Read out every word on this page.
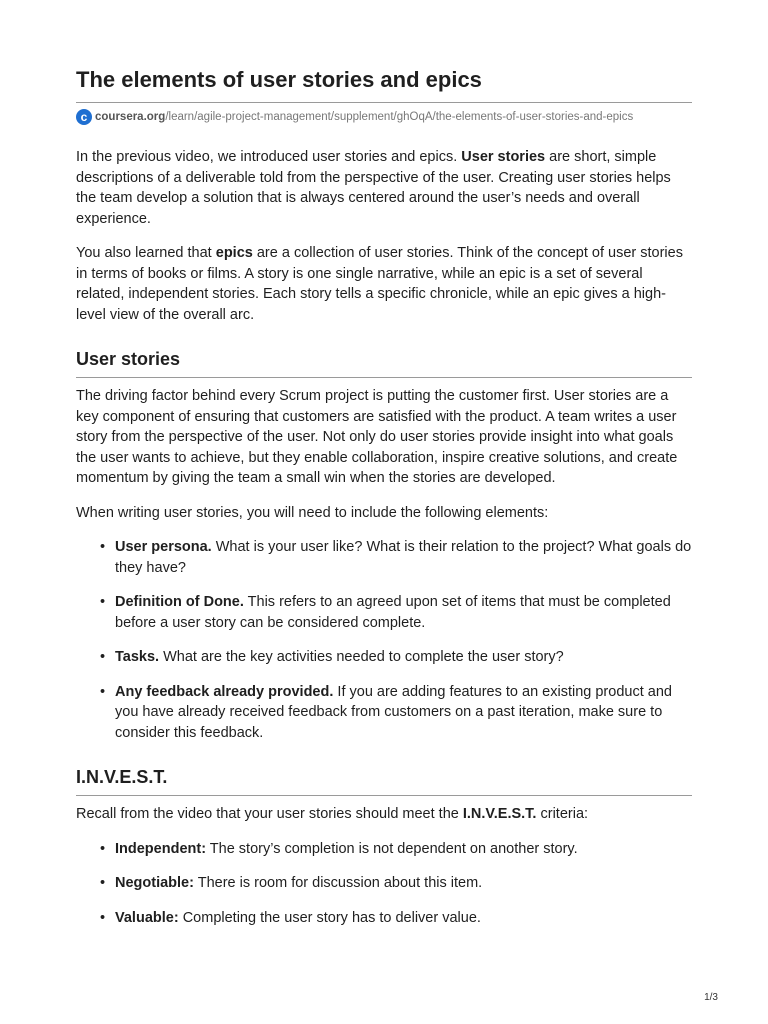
The elements of user stories and epics
c coursera.org /learn/agile-project-management/supplement/ghOqA/the-elements-of-user-stories-and-epics

In the previous video, we introduced user stories and epics. User stories are short, simple descriptions of a deliverable told from the perspective of the user. Creating user stories helps the team develop a solution that is always centered around the user’s needs and overall experience.

You also learned that epics are a collection of user stories. Think of the concept of user stories in terms of books or films. A story is one single narrative, while an epic is a set of several related, independent stories. Each story tells a specific chronicle, while an epic gives a high-level view of the overall arc.

User stories

The driving factor behind every Scrum project is putting the customer first. User stories are a key component of ensuring that customers are satisfied with the product. A team writes a user story from the perspective of the user. Not only do user stories provide insight into what goals the user wants to achieve, but they enable collaboration, inspire creative solutions, and create momentum by giving the team a small win when the stories are developed.

When writing user stories, you will need to include the following elements:

• User persona. What is your user like? What is their relation to the project? What goals do they have?
• Definition of Done. This refers to an agreed upon set of items that must be completed before a user story can be considered complete.
• Tasks. What are the key activities needed to complete the user story?
• Any feedback already provided. If you are adding features to an existing product and you have already received feedback from customers on a past iteration, make sure to consider this feedback.
I.N.V.E.S.T.

Recall from the video that your user stories should meet the I.N.V.E.S.T. criteria:

• Independent: The story’s completion is not dependent on another story.
• Negotiable: There is room for discussion about this item.
• Valuable: Completing the user story has to deliver value.
1/3
